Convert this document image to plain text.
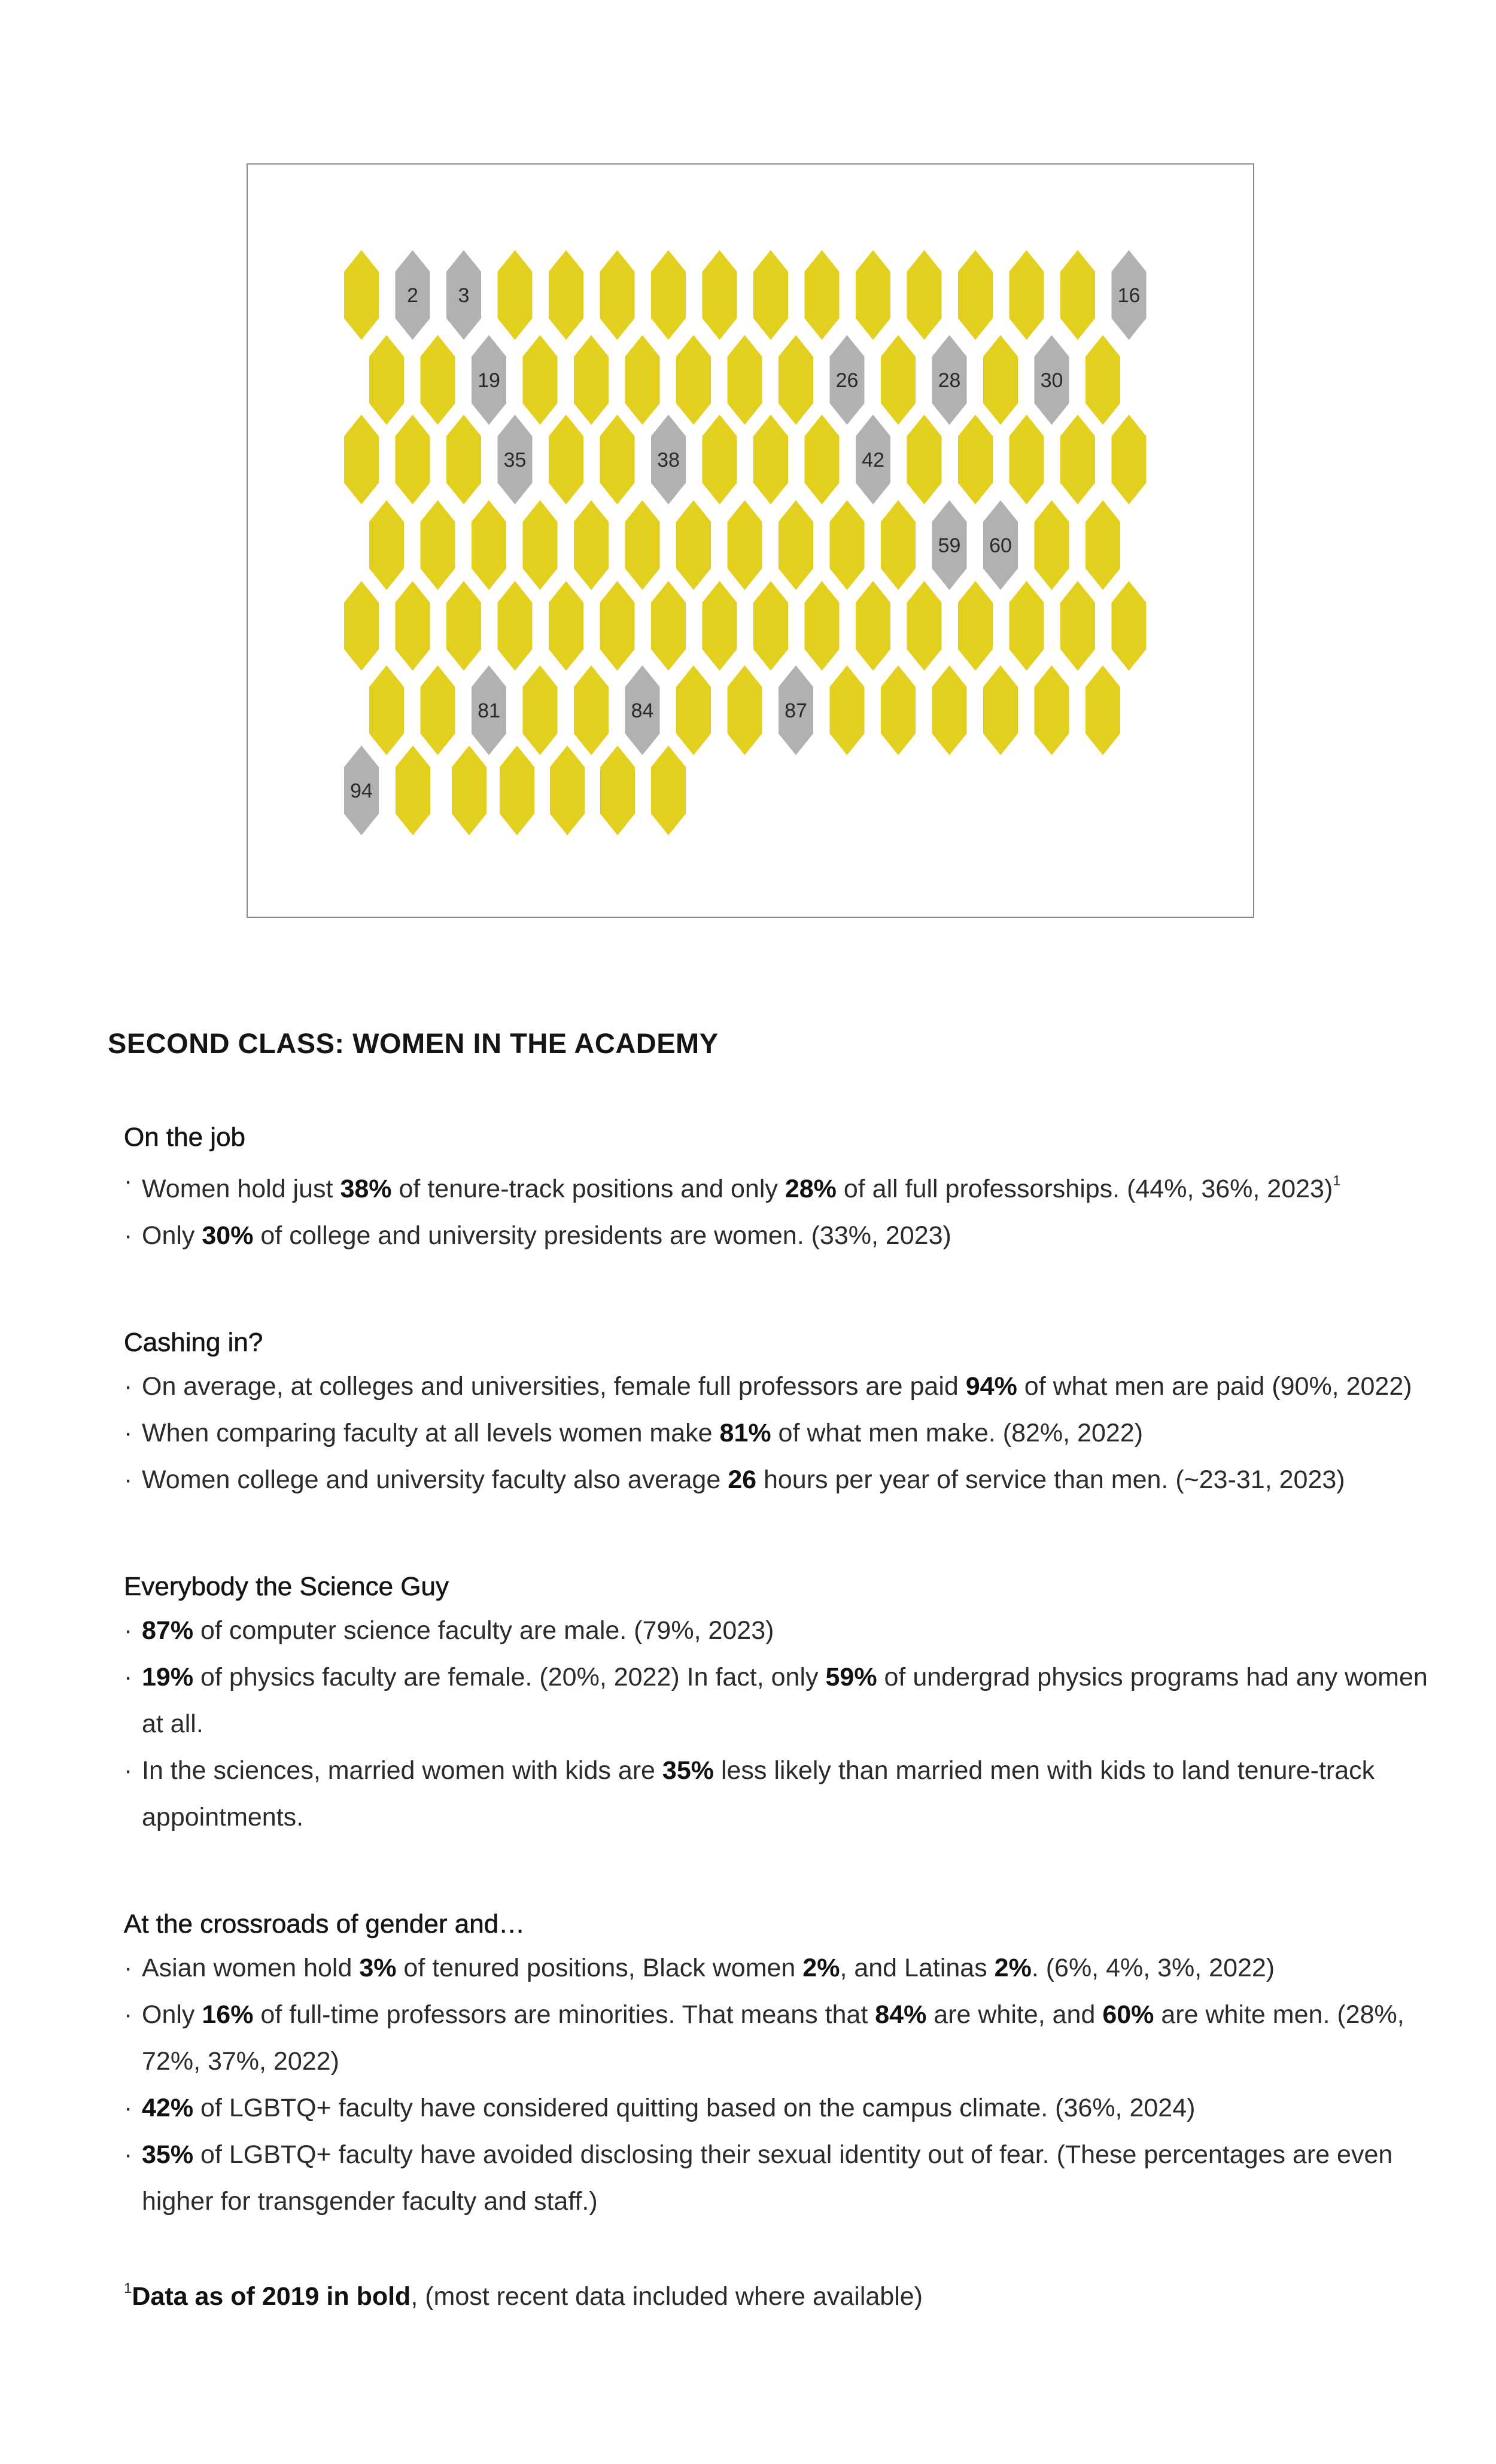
2 3	16
19	26	28	30
35	38	42
59 60
81	84	87
94
SECOND CLASS: WOMEN IN THE ACADEMY
On the job
· Women hold just 38% of tenure-track positions and only 28% of all full professorships. (44%, 36%, 2023)$^1$
· Only 30% of college and university presidents are women. (33%, 2023)
Cashing in?
· On average, at colleges and universities, female full professors are paid 94% of what men are paid (90%, 2022)
· When comparing faculty at all levels women make 81% of what men make. (82%, 2022)
· Women college and university faculty also average 26 hours per year of service than men. (~23-31, 2023)
Everybody the Science Guy
· 87% of computer science faculty are male. (79%, 2023)
· 19% of physics faculty are female. (20%, 2022) In fact, only 59% of undergrad physics programs had any women at all.
· In the sciences, married women with kids are 35% less likely than married men with kids to land tenure-track appointments.
At the crossroads of gender and…
· Asian women hold 3% of tenured positions, Black women 2%, and Latinas 2%. (6%, 4%, 3%, 2022)
· Only 16% of full-time professors are minorities. That means that 84% are white, and 60% are white men. (28%, 72%, 37%, 2022)
· 42% of LGBTQ+ faculty have considered quitting based on the campus climate. (36%, 2024)
· 35% of LGBTQ+ faculty have avoided disclosing their sexual identity out of fear. (These percentages are even higher for transgender faculty and staff.)
$^1$Data as of 2019 in bold, (most recent data included where available)
